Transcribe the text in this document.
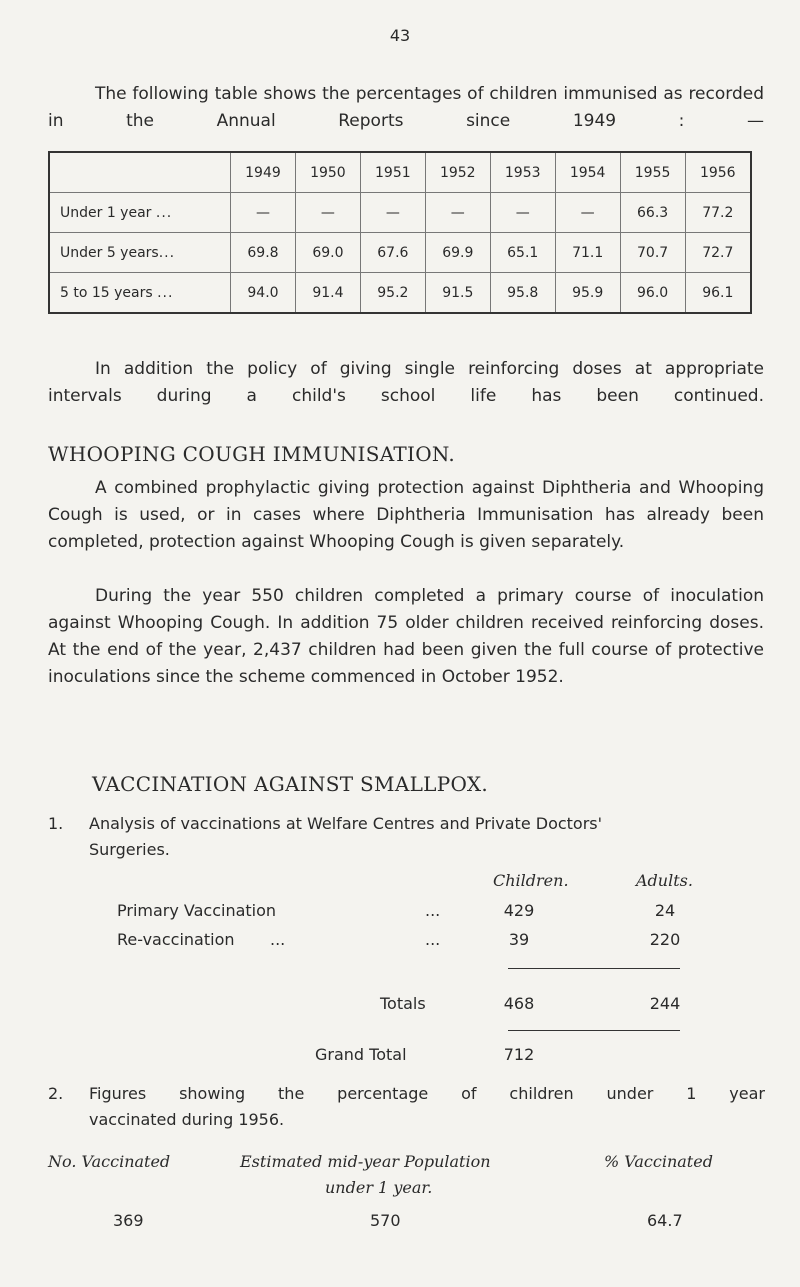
43
The following table shows the percentages of children immunised as recorded in the Annual Reports since 1949 : —
	1949	1950	1951	1952	1953	1954	1955	1956
Under 1 year ...	—	—	—	—	—	—	66.3	77.2
Under 5 years...	69.8	69.0	67.6	69.9	65.1	71.1	70.7	72.7
5 to 15 years ...	94.0	91.4	95.2	91.5	95.8	95.9	96.0	96.1
In addition the policy of giving single reinforcing doses at appropriate intervals during a child's school life has been continued.
WHOOPING COUGH IMMUNISATION.
A combined prophylactic giving protection against Diphtheria and Whooping Cough is used, or in cases where Diphtheria Immunisation has already been completed, protection against Whooping Cough is given separately.
During the year 550 children completed a primary course of inoculation against Whooping Cough. In addition 75 older children received reinforcing doses. At the end of the year, 2,437 children had been given the full course of protective inoculations since the scheme commenced in October 1952.
VACCINATION AGAINST SMALLPOX.
1. Analysis of vaccinations at Welfare Centres and Private Doctors'
Surgeries.
Children.	Adults.
Primary Vaccination	...	429	24
Re-vaccination ...	...	39	220
Totals	468	244
Grand Total	712
2. Figures showing the percentage of children under 1 year
vaccinated during 1956.
No. Vaccinated	Estimated mid-year Population
under 1 year.
% Vaccinated
369	570	64.7
